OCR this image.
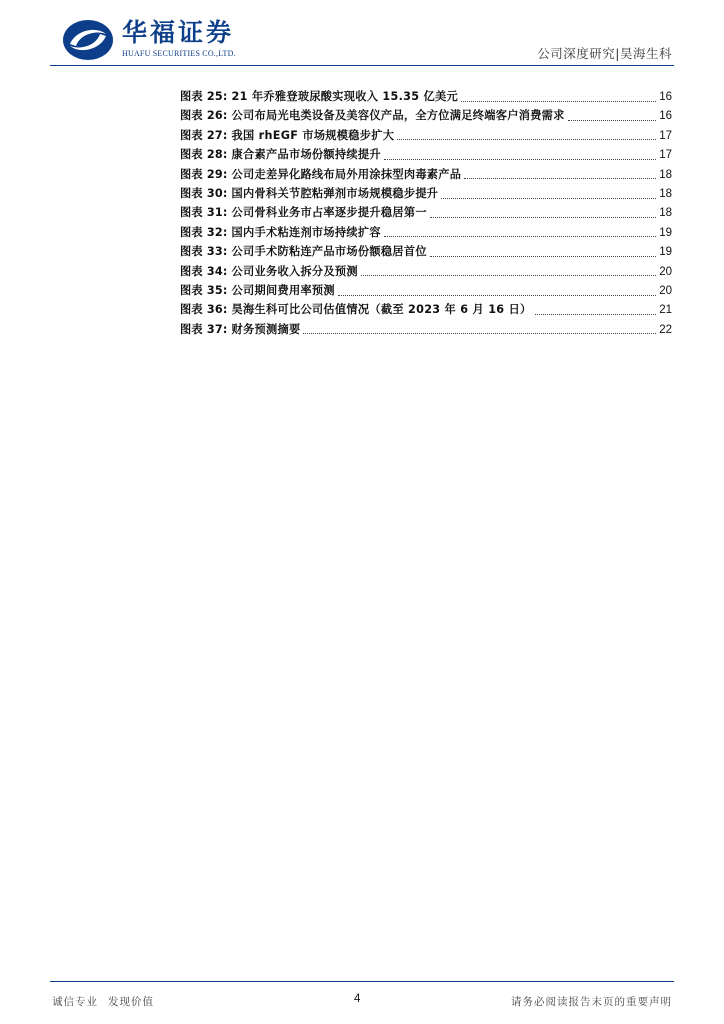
华福证券
HUAFU SECURITIES CO.,LTD.	公司深度研究|昊海生科
图表 25: 21 年乔雅登玻尿酸实现收入 15.35 亿美元	16
图表 26: 公司布局光电类设备及美容仪产品，全方位满足终端客户消费需求	16
图表 27: 我国 rhEGF 市场规模稳步扩大	17
图表 28: 康合素产品市场份额持续提升	17
图表 29: 公司走差异化路线布局外用涂抹型肉毒素产品	18
图表 30: 国内骨科关节腔粘弹剂市场规模稳步提升	18
图表 31: 公司骨科业务市占率逐步提升稳居第一	18
图表 32: 国内手术粘连剂市场持续扩容	19
图表 33: 公司手术防粘连产品市场份额稳居首位	19
图表 34: 公司业务收入拆分及预测	20
图表 35: 公司期间费用率预测	20
图表 36: 昊海生科可比公司估值情况（截至 2023 年 6 月 16 日）	21
图表 37: 财务预测摘要	22
诚信专业 发现价值	4	请务必阅读报告末页的重要声明
